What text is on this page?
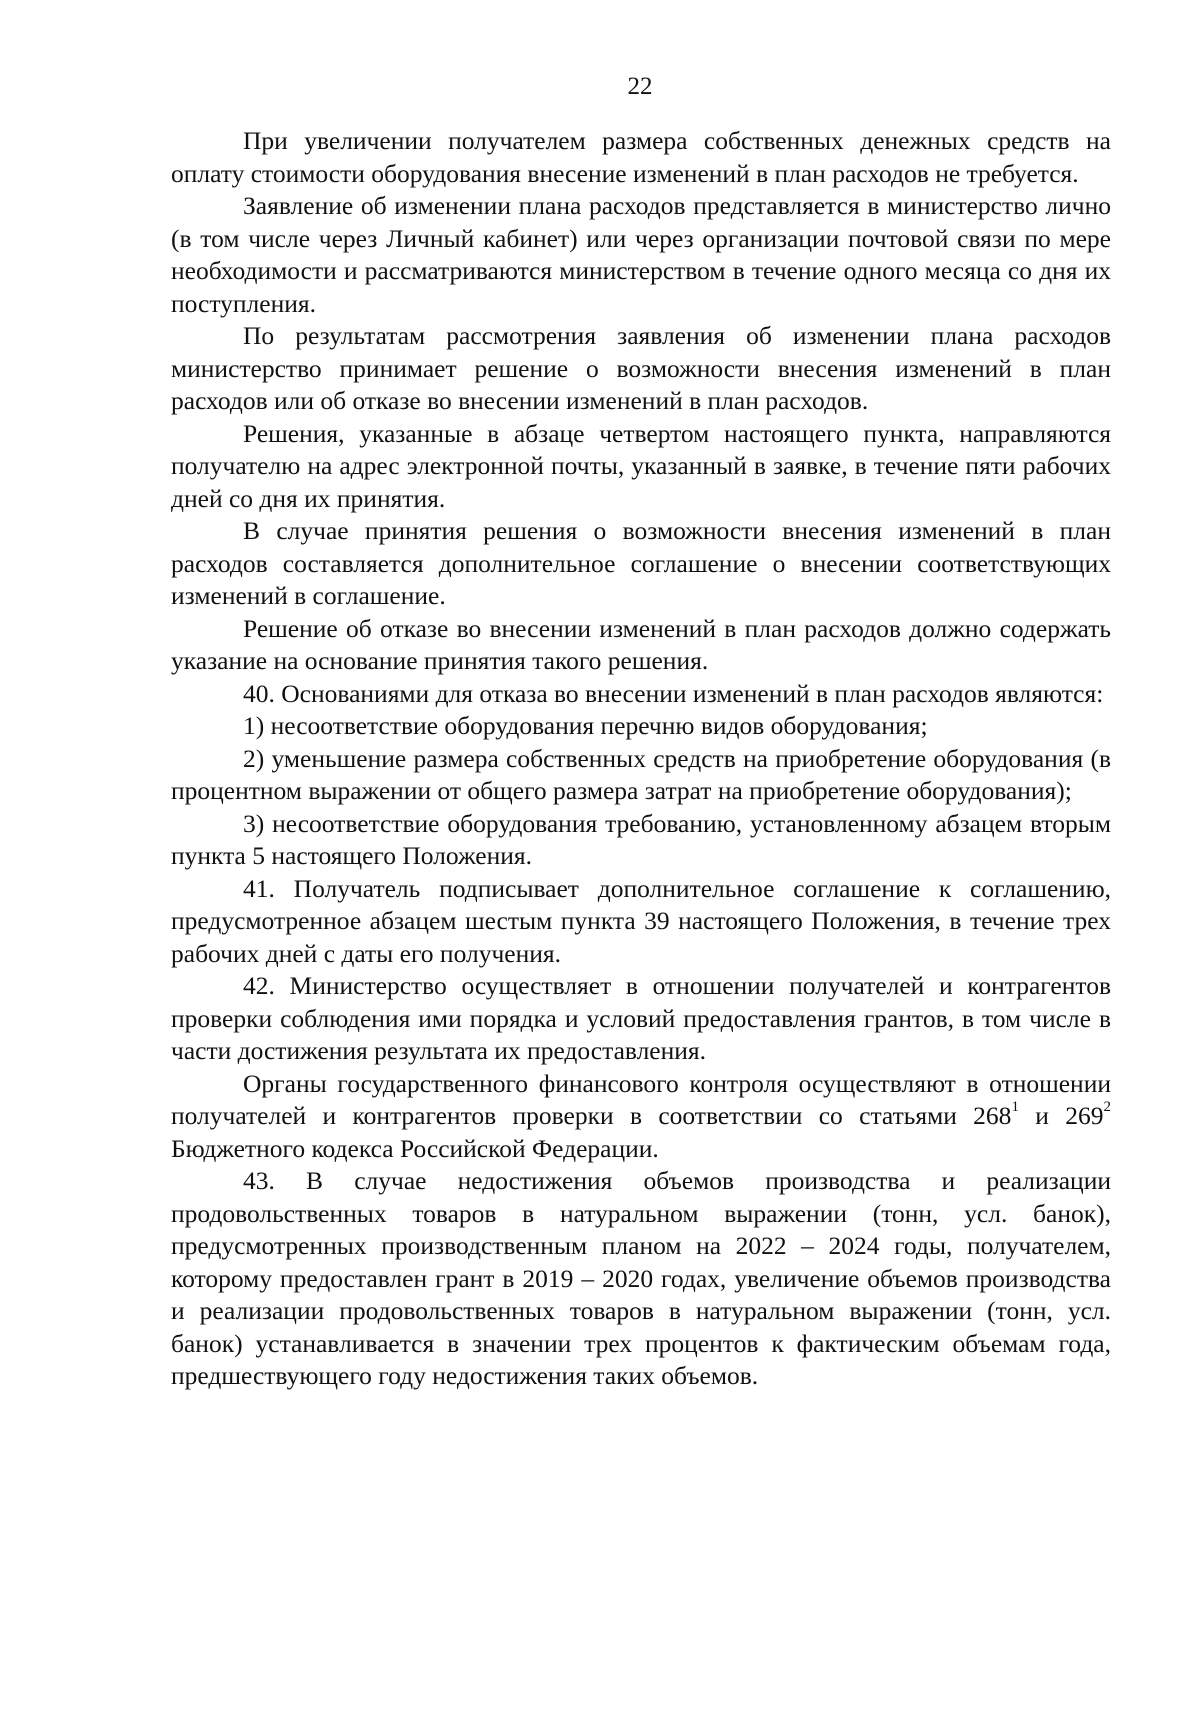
22

При увеличении получателем размера собственных денежных средств на оплату стоимости оборудования внесение изменений в план расходов не требуется.

Заявление об изменении плана расходов представляется в министерство лично (в том числе через Личный кабинет) или через организации почтовой связи по мере необходимости и рассматриваются министерством в течение одного месяца со дня их поступления.

По результатам рассмотрения заявления об изменении плана расходов министерство принимает решение о возможности внесения изменений в план расходов или об отказе во внесении изменений в план расходов.

Решения, указанные в абзаце четвертом настоящего пункта, направляются получателю на адрес электронной почты, указанный в заявке, в течение пяти рабочих дней со дня их принятия.

В случае принятия решения о возможности внесения изменений в план расходов составляется дополнительное соглашение о внесении соответствующих изменений в соглашение.

Решение об отказе во внесении изменений в план расходов должно содержать указание на основание принятия такого решения.

40. Основаниями для отказа во внесении изменений в план расходов являются:

1) несоответствие оборудования перечню видов оборудования;

2) уменьшение размера собственных средств на приобретение оборудования (в процентном выражении от общего размера затрат на приобретение оборудования);

3) несоответствие оборудования требованию, установленному абзацем вторым пункта 5 настоящего Положения.

41. Получатель подписывает дополнительное соглашение к соглашению, предусмотренное абзацем шестым пункта 39 настоящего Положения, в течение трех рабочих дней с даты его получения.

42. Министерство осуществляет в отношении получателей и контрагентов проверки соблюдения ими порядка и условий предоставления грантов, в том числе в части достижения результата их предоставления.

Органы государственного финансового контроля осуществляют в отношении получателей и контрагентов проверки в соответствии со статьями $268^1$ и $269^2$ Бюджетного кодекса Российской Федерации.

43. В случае недостижения объемов производства и реализации продовольственных товаров в натуральном выражении (тонн, усл. банок), предусмотренных производственным планом на 2022 – 2024 годы, получателем, которому предоставлен грант в 2019 – 2020 годах, увеличение объемов производства и реализации продовольственных товаров в натуральном выражении (тонн, усл. банок) устанавливается в значении трех процентов к фактическим объемам года, предшествующего году недостижения таких объемов.
